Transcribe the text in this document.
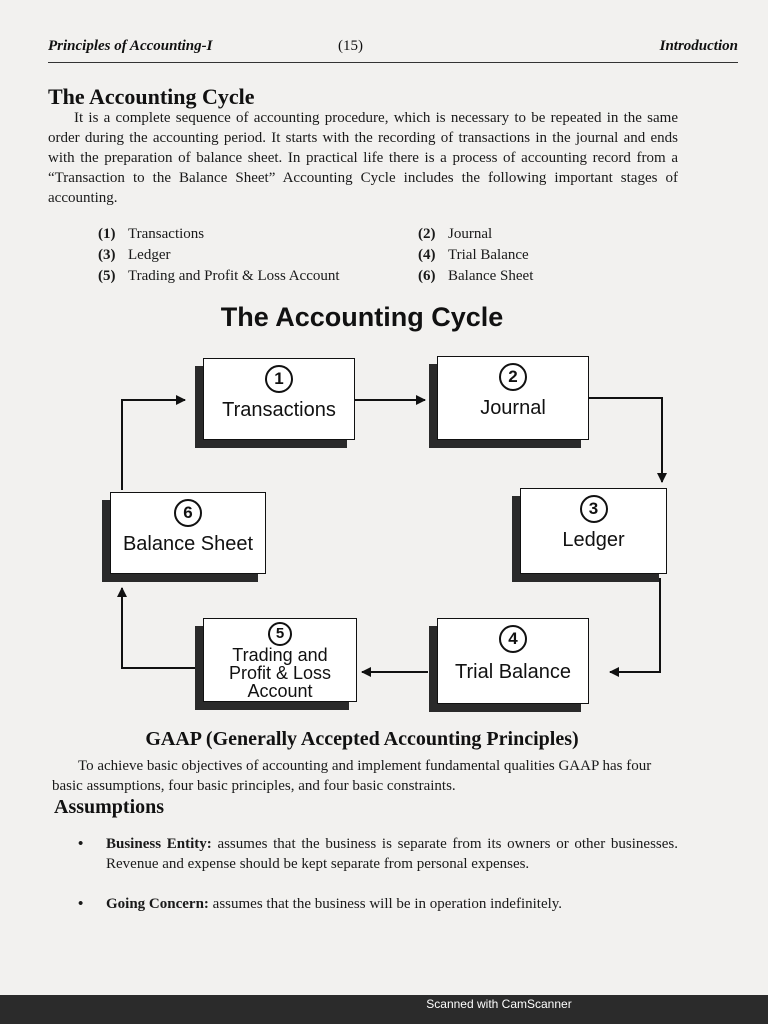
Principles of Accounting-I	(15)	Introduction
The Accounting Cycle

It is a complete sequence of accounting procedure, which is necessary to be repeated in the same order during the accounting period. It starts with the recording of transactions in the journal and ends with the preparation of balance sheet. In practical life there is a process of accounting record from a “Transaction to the Balance Sheet” Accounting Cycle includes the following important stages of accounting.

(1) Transactions	(2) Journal
(3) Ledger	(4) Trial Balance
(5) Trading and Profit & Loss Account	(6) Balance Sheet
The Accounting Cycle
1
Transactions
2
Journal
3
Ledger
4
Trial Balance
5
Trading and
Profit & Loss
Account
6
Balance Sheet
GAAP (Generally Accepted Accounting Principles)

To achieve basic objectives of accounting and implement fundamental qualities GAAP has four basic assumptions, four basic principles, and four basic constraints.

Assumptions
• Business Entity: assumes that the business is separate from its owners or other businesses. Revenue and expense should be kept separate from personal expenses.
• Going Concern: assumes that the business will be in operation indefinitely.
Scanned with CamScanner
